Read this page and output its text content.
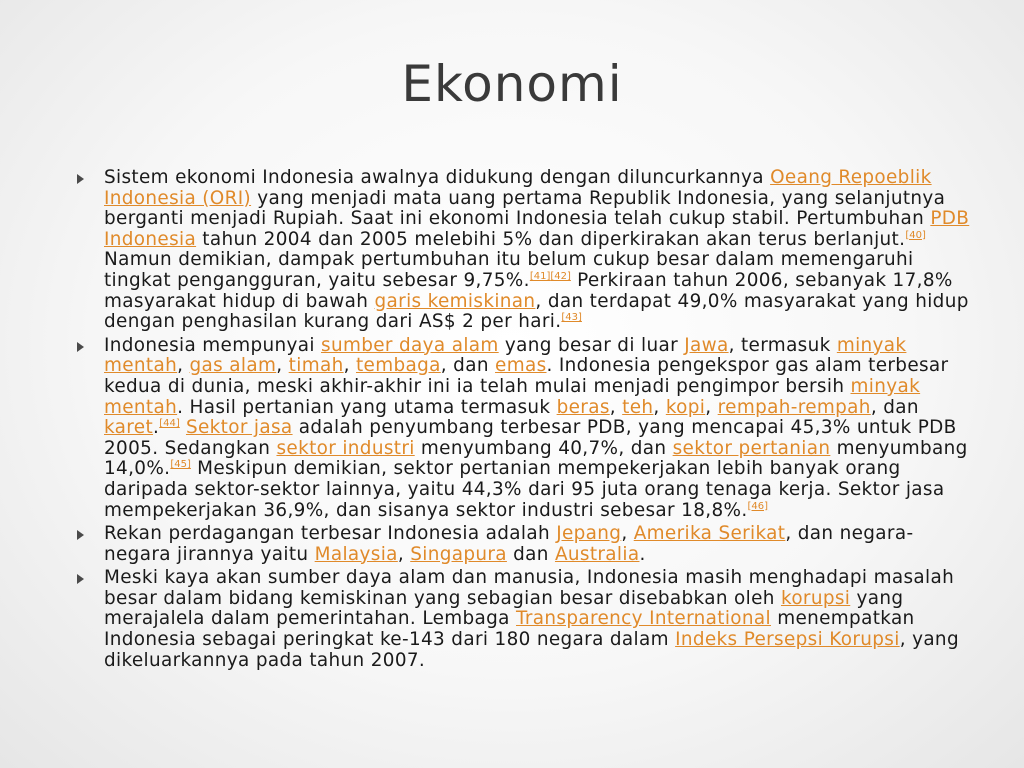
Ekonomi
Sistem ekonomi Indonesia awalnya didukung dengan diluncurkannya Oeang Repoeblik Indonesia (ORI) yang menjadi mata uang pertama Republik Indonesia, yang selanjutnya berganti menjadi Rupiah. Saat ini ekonomi Indonesia telah cukup stabil. Pertumbuhan PDB Indonesia tahun 2004 dan 2005 melebihi 5% dan diperkirakan akan terus berlanjut.[40] Namun demikian, dampak pertumbuhan itu belum cukup besar dalam memengaruhi tingkat pengangguran, yaitu sebesar 9,75%.[41][42] Perkiraan tahun 2006, sebanyak 17,8% masyarakat hidup di bawah garis kemiskinan, dan terdapat 49,0% masyarakat yang hidup dengan penghasilan kurang dari AS$ 2 per hari.[43]
Indonesia mempunyai sumber daya alam yang besar di luar Jawa, termasuk minyak mentah, gas alam, timah, tembaga, dan emas. Indonesia pengekspor gas alam terbesar kedua di dunia, meski akhir-akhir ini ia telah mulai menjadi pengimpor bersih minyak mentah. Hasil pertanian yang utama termasuk beras, teh, kopi, rempah-rempah, dan karet.[44] Sektor jasa adalah penyumbang terbesar PDB, yang mencapai 45,3% untuk PDB 2005. Sedangkan sektor industri menyumbang 40,7%, dan sektor pertanian menyumbang 14,0%.[45] Meskipun demikian, sektor pertanian mempekerjakan lebih banyak orang daripada sektor-sektor lainnya, yaitu 44,3% dari 95 juta orang tenaga kerja. Sektor jasa mempekerjakan 36,9%, dan sisanya sektor industri sebesar 18,8%.[46]
Rekan perdagangan terbesar Indonesia adalah Jepang, Amerika Serikat, dan negara-negara jirannya yaitu Malaysia, Singapura dan Australia.
Meski kaya akan sumber daya alam dan manusia, Indonesia masih menghadapi masalah besar dalam bidang kemiskinan yang sebagian besar disebabkan oleh korupsi yang merajalela dalam pemerintahan. Lembaga Transparency International menempatkan Indonesia sebagai peringkat ke-143 dari 180 negara dalam Indeks Persepsi Korupsi, yang dikeluarkannya pada tahun 2007.
